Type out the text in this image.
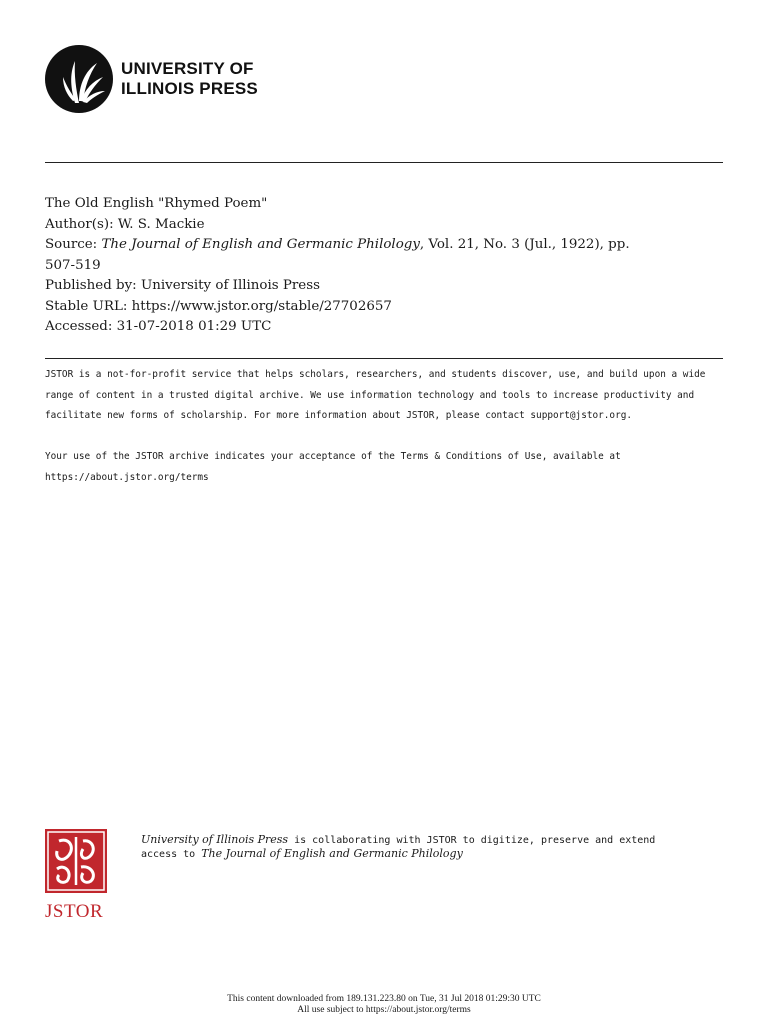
UNIVERSITY OF
ILLINOIS PRESS
The Old English "Rhymed Poem"
Author(s): W. S. Mackie
Source: The Journal of English and Germanic Philology, Vol. 21, No. 3 (Jul., 1922), pp.
507-519
Published by: University of Illinois Press
Stable URL: https://www.jstor.org/stable/27702657
Accessed: 31-07-2018 01:29 UTC
JSTOR is a not-for-profit service that helps scholars, researchers, and students discover, use, and build upon a wide
range of content in a trusted digital archive. We use information technology and tools to increase productivity and
facilitate new forms of scholarship. For more information about JSTOR, please contact support@jstor.org.
Your use of the JSTOR archive indicates your acceptance of the Terms & Conditions of Use, available at
https://about.jstor.org/terms
JSTOR
University of Illinois Press is collaborating with JSTOR to digitize, preserve and extend
access to The Journal of English and Germanic Philology
This content downloaded from 189.131.223.80 on Tue, 31 Jul 2018 01:29:30 UTC
All use subject to https://about.jstor.org/terms
